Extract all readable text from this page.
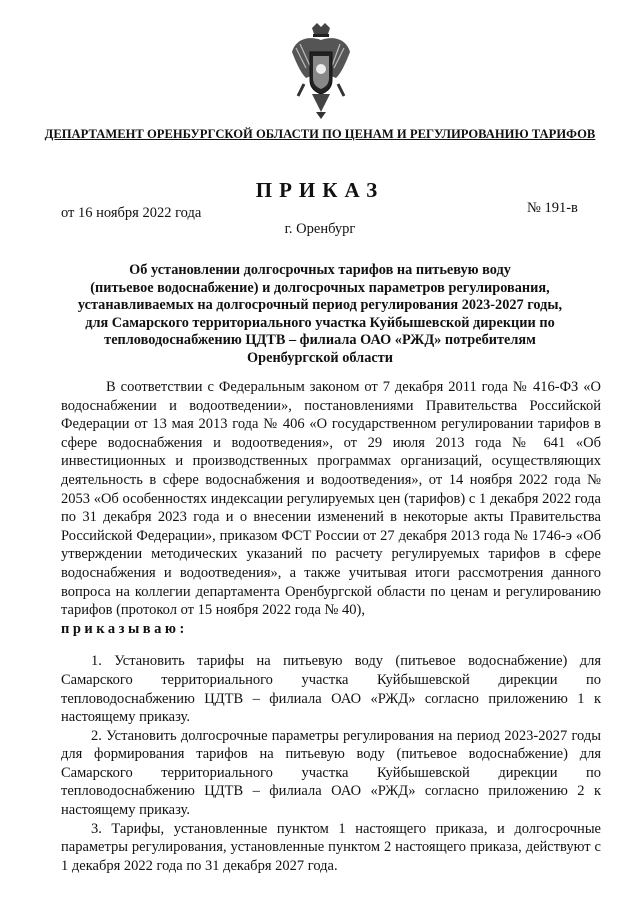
ДЕПАРТАМЕНТ ОРЕНБУРГСКОЙ ОБЛАСТИ ПО ЦЕНАМ И РЕГУЛИРОВАНИЮ ТАРИФОВ
ПРИКАЗ
от 16 ноября 2022 года	№ 191-в
г. Оренбург
Об установлении долгосрочных тарифов на питьевую воду
(питьевое водоснабжение) и долгосрочных параметров регулирования,
устанавливаемых на долгосрочный период регулирования 2023-2027 годы,
для Самарского территориального участка Куйбышевской дирекции по
тепловодоснабжению ЦДТВ – филиала ОАО «РЖД» потребителям
Оренбургской области

В соответствии с Федеральным законом от 7 декабря 2011 года № 416-ФЗ «О водоснабжении и водоотведении», постановлениями Правительства Российской Федерации от 13 мая 2013 года № 406 «О государственном регулировании тарифов в сфере водоснабжения и водоотведения», от 29 июля 2013 года № 641 «Об инвестиционных и производственных программах организаций, осуществляющих деятельность в сфере водоснабжения и водоотведения», от 14 ноября 2022 года № 2053 «Об особенностях индексации регулируемых цен (тарифов) с 1 декабря 2022 года по 31 декабря 2023 года и о внесении изменений в некоторые акты Правительства Российской Федерации», приказом ФСТ России от 27 декабря 2013 года № 1746-э «Об утверждении методических указаний по расчету регулируемых тарифов в сфере водоснабжения и водоотведения», а также учитывая итоги рассмотрения данного вопроса на коллегии департамента Оренбургской области по ценам и регулированию тарифов (протокол от 15 ноября 2022 года № 40),

приказываю:

1. Установить тарифы на питьевую воду (питьевое водоснабжение) для Самарского территориального участка Куйбышевской дирекции по тепловодоснабжению ЦДТВ – филиала ОАО «РЖД» согласно приложению 1 к настоящему приказу.

2. Установить долгосрочные параметры регулирования на период 2023-2027 годы для формирования тарифов на питьевую воду (питьевое водоснабжение) для Самарского территориального участка Куйбышевской дирекции по тепловодоснабжению ЦДТВ – филиала ОАО «РЖД» согласно приложению 2 к настоящему приказу.

3. Тарифы, установленные пунктом 1 настоящего приказа, и долгосрочные параметры регулирования, установленные пунктом 2 настоящего приказа, действуют с 1 декабря 2022 года по 31 декабря 2027 года.
